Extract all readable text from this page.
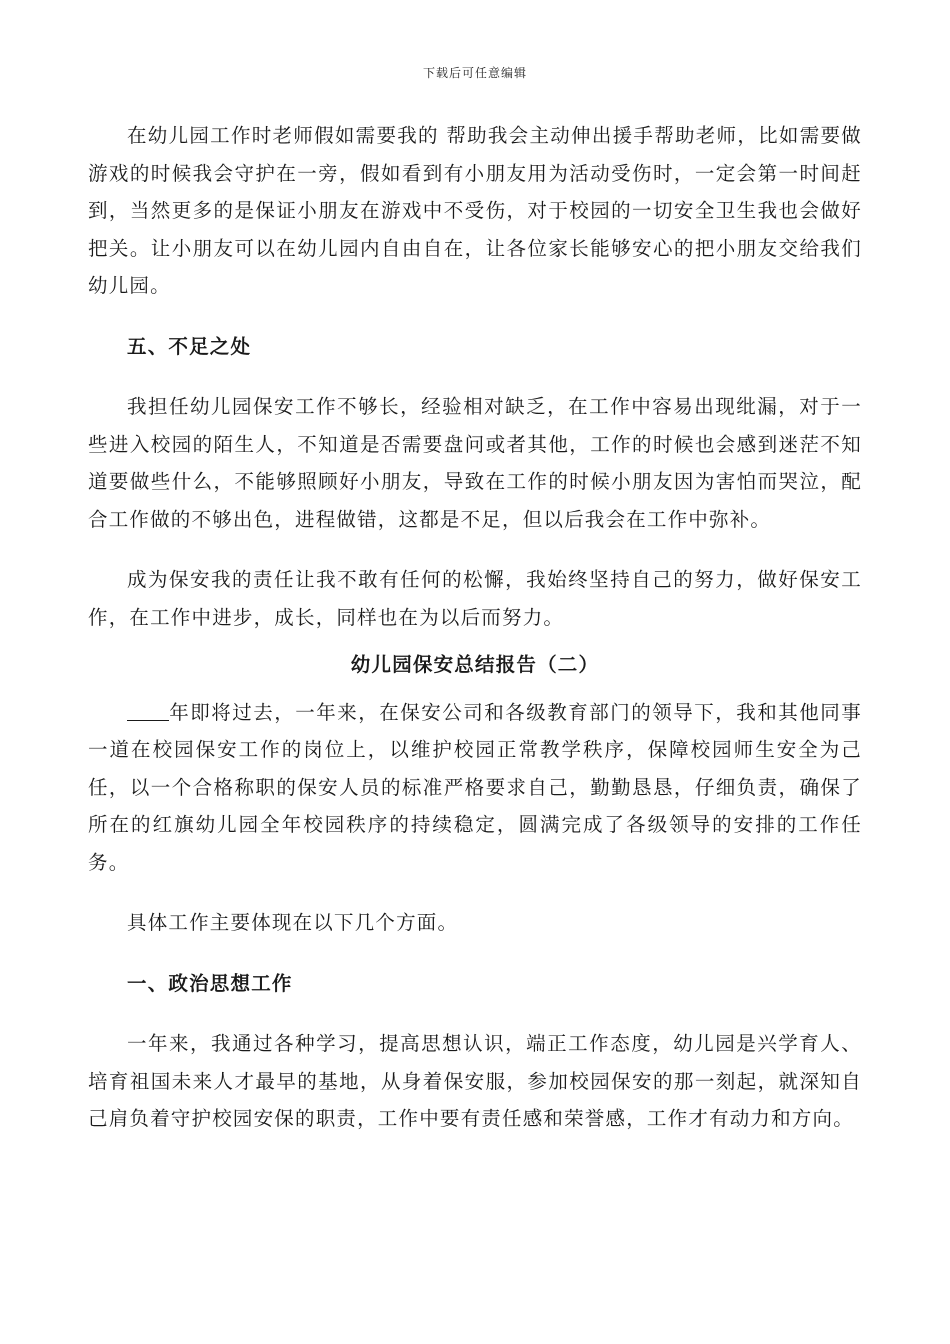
下载后可任意编辑

在幼儿园工作时老师假如需要我的 帮助我会主动伸出援手帮助老师，比如需要做游戏的时候我会守护在一旁，假如看到有小朋友用为活动受伤时，一定会第一时间赶到，当然更多的是保证小朋友在游戏中不受伤，对于校园的一切安全卫生我也会做好把关。让小朋友可以在幼儿园内自由自在，让各位家长能够安心的把小朋友交给我们幼儿园。

五、不足之处

我担任幼儿园保安工作不够长，经验相对缺乏，在工作中容易出现纰漏，对于一些进入校园的陌生人，不知道是否需要盘问或者其他，工作的时候也会感到迷茫不知道要做些什么，不能够照顾好小朋友，导致在工作的时候小朋友因为害怕而哭泣，配合工作做的不够出色，进程做错，这都是不足，但以后我会在工作中弥补。

成为保安我的责任让我不敢有任何的松懈，我始终坚持自己的努力，做好保安工作，在工作中进步，成长，同样也在为以后而努力。

幼儿园保安总结报告（二）

年即将过去，一年来，在保安公司和各级教育部门的领导下，我和其他同事一道在校园保安工作的岗位上，以维护校园正常教学秩序，保障校园师生安全为己任，以一个合格称职的保安人员的标准严格要求自己，勤勤恳恳，仔细负责，确保了所在的红旗幼儿园全年校园秩序的持续稳定，圆满完成了各级领导的安排的工作任务。

具体工作主要体现在以下几个方面。

一、政治思想工作

一年来，我通过各种学习，提高思想认识，端正工作态度，幼儿园是兴学育人、培育祖国未来人才最早的基地，从身着保安服，参加校园保安的那一刻起，就深知自己肩负着守护校园安保的职责，工作中要有责任感和荣誉感，工作才有动力和方向。
